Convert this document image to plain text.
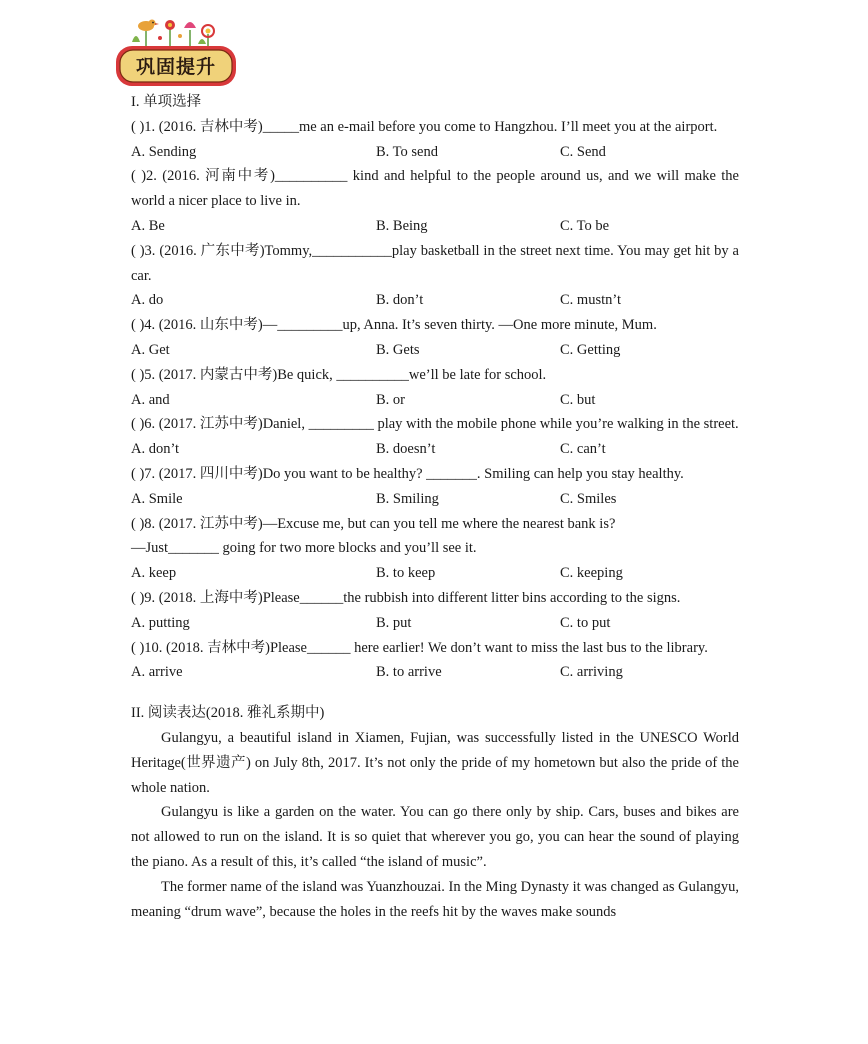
巩固提升
I. 单项选择
( )1. (2016. 吉林中考)_____me an e-mail before you come to Hangzhou. I’ll meet you at the airport.
A. Sending	B. To send	C. Send
( )2. (2016. 河南中考)__________ kind and helpful to the people around us, and we will make the world a nicer place to live in.
A. Be	B. Being	C. To be
( )3. (2016. 广东中考)Tommy,___________play basketball in the street next time. You may get hit by a car.
A. do	B. don’t	C. mustn’t
( )4. (2016. 山东中考)—_________up, Anna. It’s seven thirty. —One more minute, Mum.
A. Get	B. Gets	C. Getting
( )5. (2017. 内蒙古中考)Be quick, __________we’ll be late for school.
A. and	B. or	C. but
( )6. (2017. 江苏中考)Daniel, _________ play with the mobile phone while you’re walking in the street.
A. don’t	B. doesn’t	C. can’t
( )7. (2017. 四川中考)Do you want to be healthy? _______. Smiling can help you stay healthy.
A. Smile	B. Smiling	C. Smiles
( )8. (2017. 江苏中考)—Excuse me, but can you tell me where the nearest bank is?
—Just_______ going for two more blocks and you’ll see it.
A. keep	B. to keep	C. keeping
( )9. (2018. 上海中考)Please______the rubbish into different litter bins according to the signs.
A. putting	B. put	C. to put
( )10. (2018. 吉林中考)Please______ here earlier! We don’t want to miss the last bus to the library.
A. arrive	B. to arrive	C. arriving
II. 阅读表达(2018. 雅礼系期中)
Gulangyu, a beautiful island in Xiamen, Fujian, was successfully listed in the UNESCO World Heritage(世界遗产) on July 8th, 2017. It’s not only the pride of my hometown but also the pride of the whole nation.
Gulangyu is like a garden on the water. You can go there only by ship. Cars, buses and bikes are not allowed to run on the island. It is so quiet that wherever you go, you can hear the sound of playing the piano. As a result of this, it’s called “the island of music”.
The former name of the island was Yuanzhouzai. In the Ming Dynasty it was changed as Gulangyu, meaning “drum wave”, because the holes in the reefs hit by the waves make sounds
